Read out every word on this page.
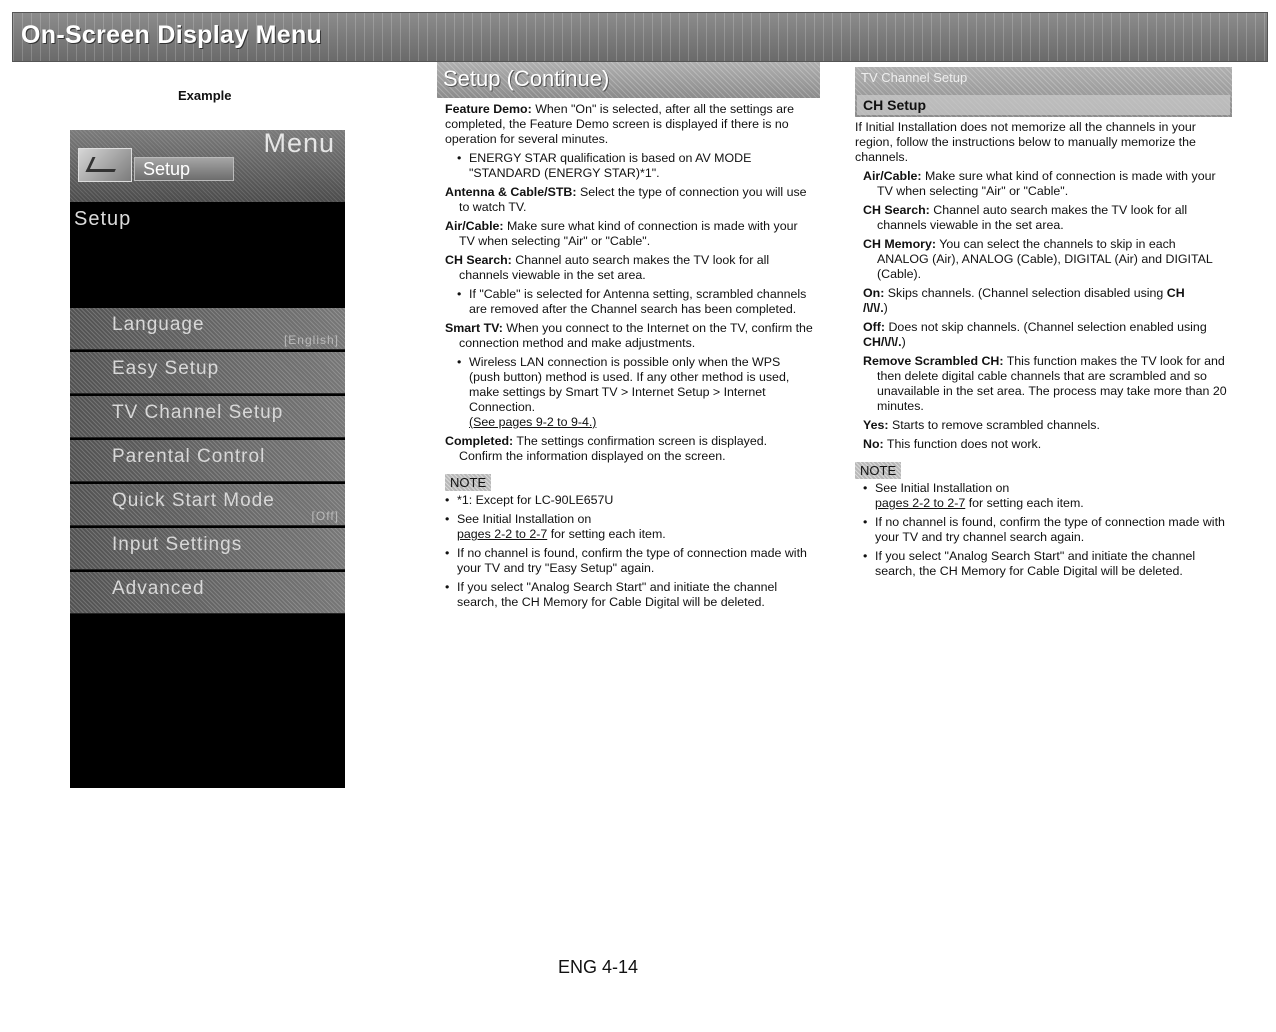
On-Screen Display Menu
Example
Menu
Setup
Setup
Language
[English]
Easy Setup
TV Channel Setup
Parental Control
Quick Start Mode
[Off]
Input Settings
Advanced
Setup (Continue)

Feature Demo: When "On" is selected, after all the settings are completed, the Feature Demo screen is displayed if there is no operation for several minutes.

• ENERGY STAR qualification is based on AV MODE "STANDARD (ENERGY STAR)*1".

Antenna & Cable/STB: Select the type of connection you will use to watch TV.

Air/Cable: Make sure what kind of connection is made with your TV when selecting "Air" or "Cable".

CH Search: Channel auto search makes the TV look for all channels viewable in the set area.

• If "Cable" is selected for Antenna setting, scrambled channels are removed after the Channel search has been completed.

Smart TV: When you connect to the Internet on the TV, confirm the connection method and make adjustments.

• Wireless LAN connection is possible only when the WPS (push button) method is used. If any other method is used, make settings by Smart TV > Internet Setup > Internet Connection.
(See pages 9-2 to 9-4.)

Completed: The settings confirmation screen is displayed. Confirm the information displayed on the screen.

NOTE

• *1: Except for LC-90LE657U

• See Initial Installation on
pages 2-2 to 2-7 for setting each item.

• If no channel is found, confirm the type of connection made with your TV and try "Easy Setup" again.

• If you select "Analog Search Start" and initiate the channel search, the CH Memory for Cable Digital will be deleted.

TV Channel Setup
CH Setup

If Initial Installation does not memorize all the channels in your region, follow the instructions below to manually memorize the channels.

Air/Cable: Make sure what kind of connection is made with your TV when selecting "Air" or "Cable".

CH Search: Channel auto search makes the TV look for all channels viewable in the set area.

CH Memory: You can select the channels to skip in each ANALOG (Air), ANALOG (Cable), DIGITAL (Air) and DIGITAL (Cable).

On: Skips channels. (Channel selection disabled using CH
/\/\/.)

Off: Does not skip channels. (Channel selection enabled using CH/\/\/.)

Remove Scrambled CH: This function makes the TV look for and then delete digital cable channels that are scrambled and so unavailable in the set area. The process may take more than 20 minutes.

Yes: Starts to remove scrambled channels.

No: This function does not work.

NOTE

• See Initial Installation on
pages 2-2 to 2-7 for setting each item.

• If no channel is found, confirm the type of connection made with your TV and try channel search again.

• If you select "Analog Search Start" and initiate the channel search, the CH Memory for Cable Digital will be deleted.

ENG 4-14
